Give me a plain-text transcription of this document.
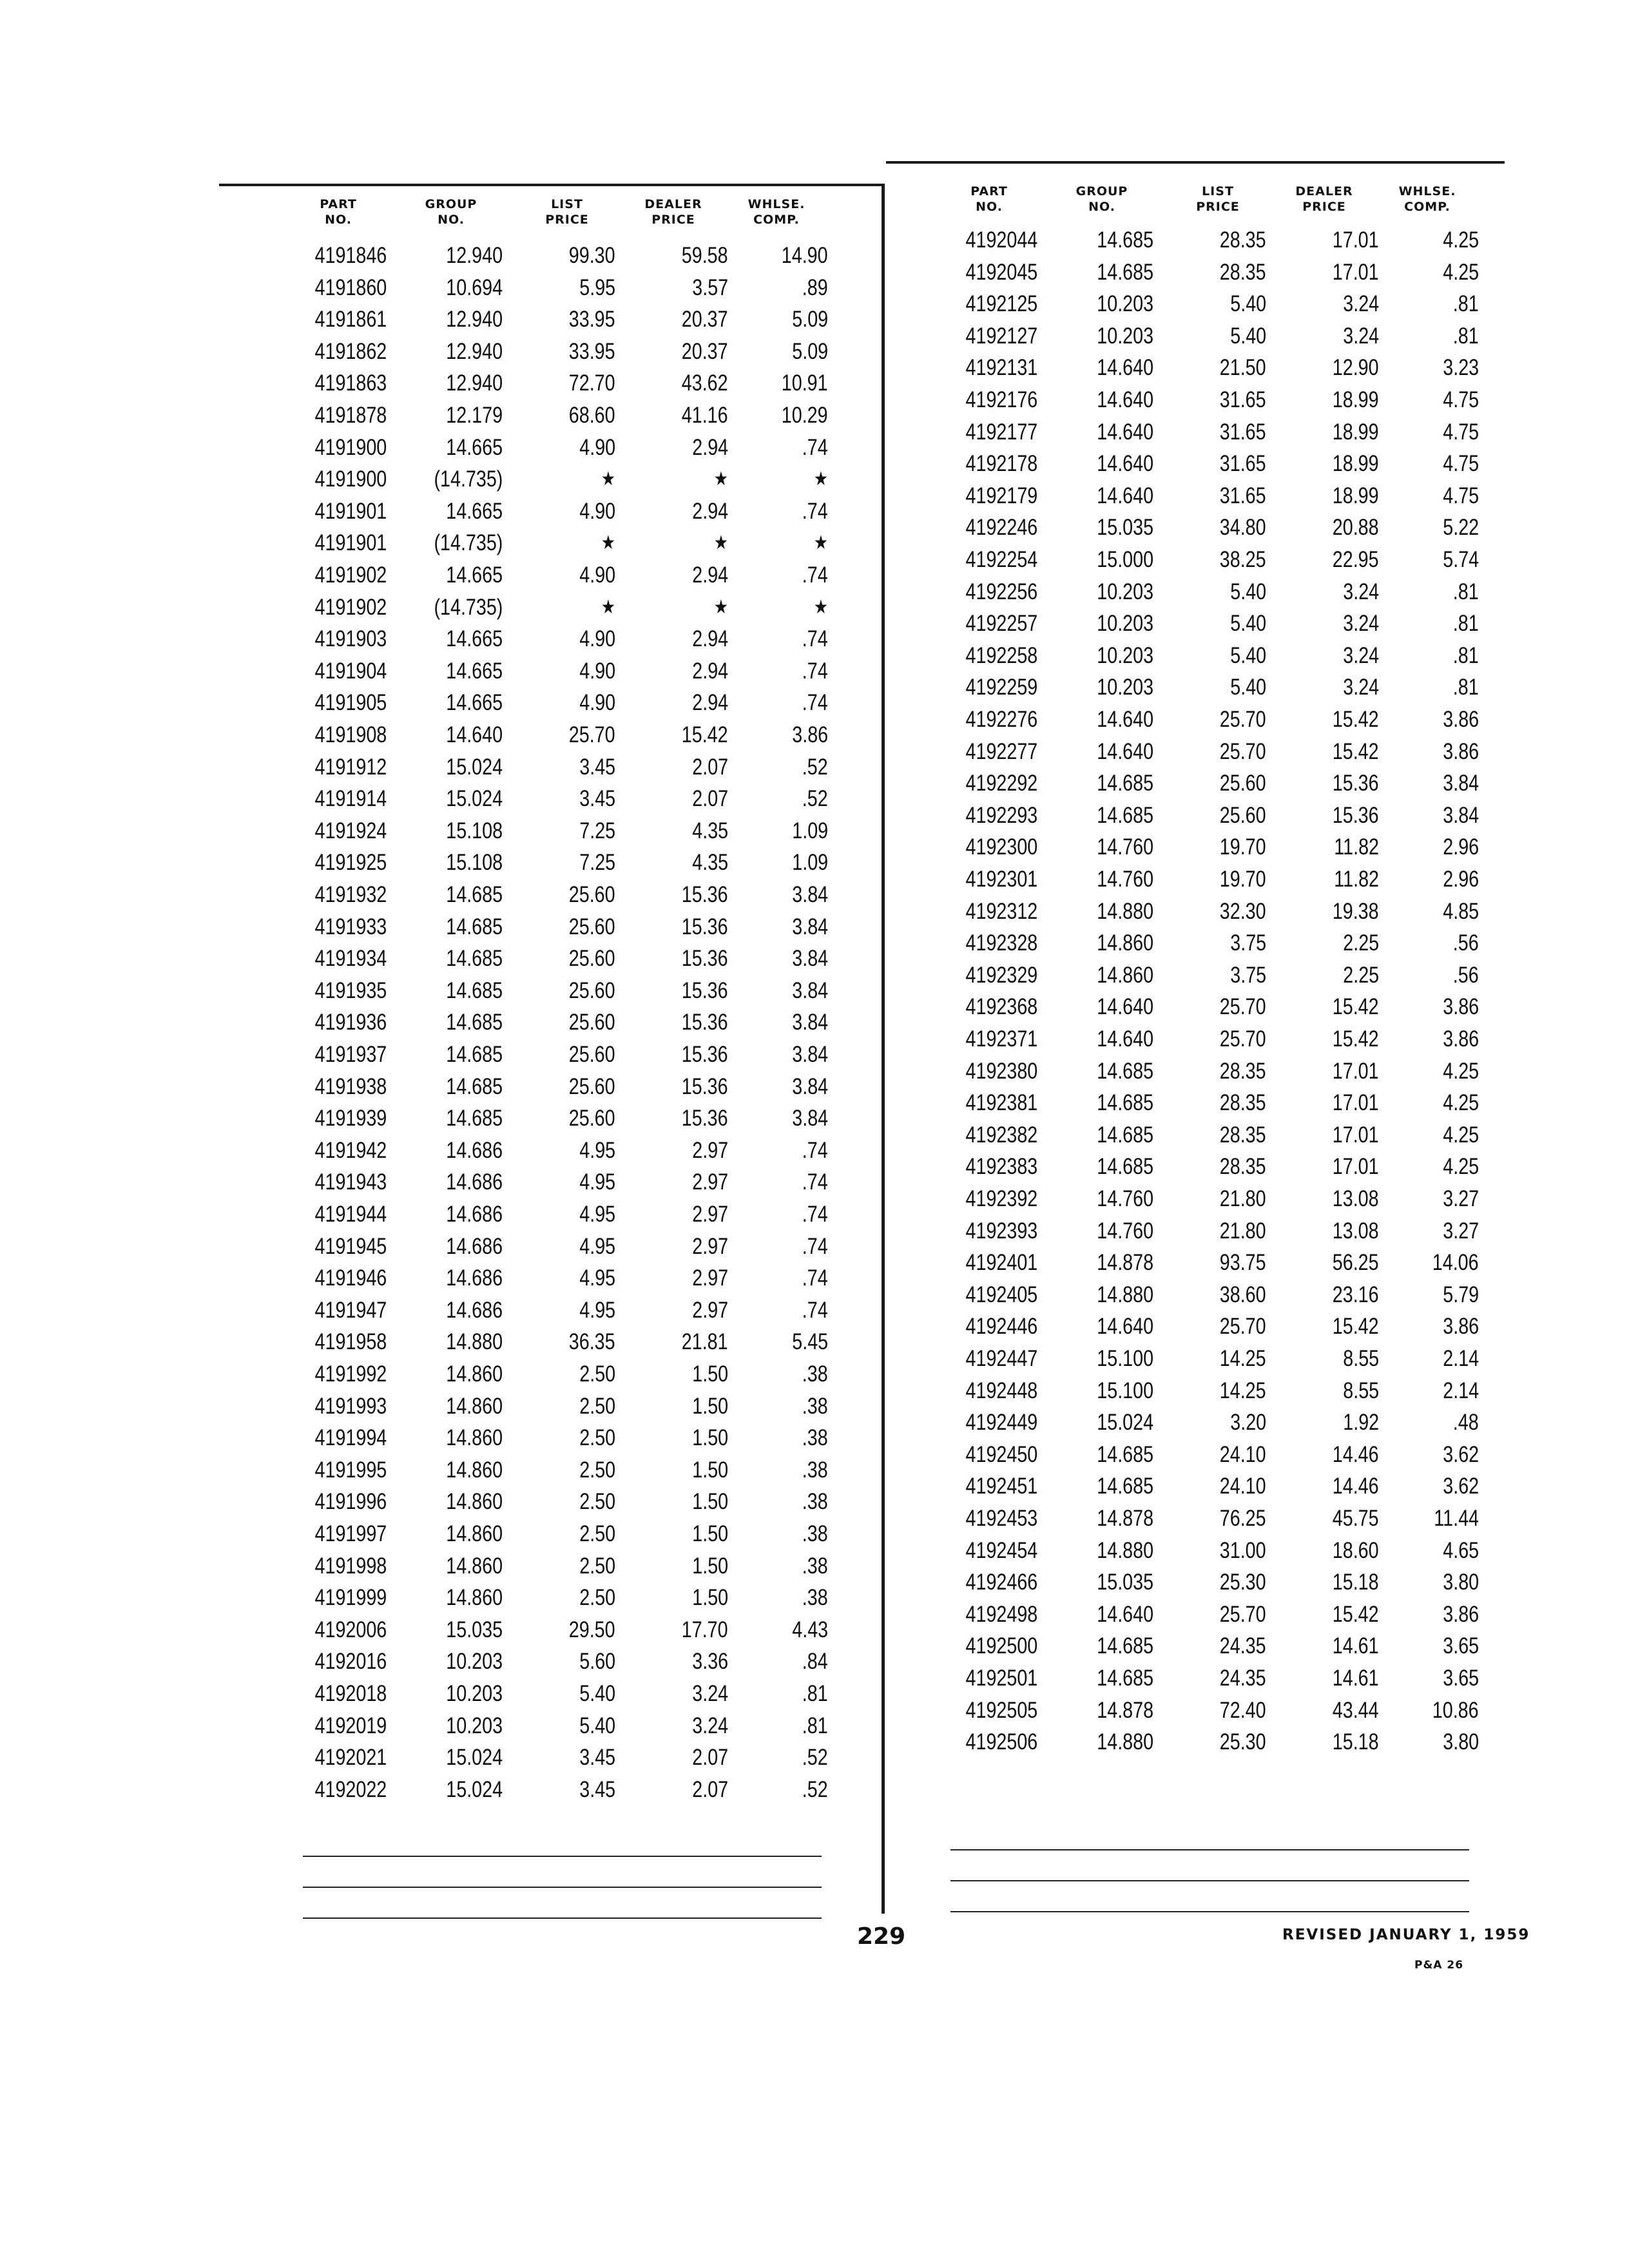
PART
NO.
GROUP
NO.
LIST
PRICE
DEALER
PRICE
WHLSE.
COMP.
4191846	12.940	99.30	59.58 14.90
4191860	10.694	5.95	3.57	.89
4191861	12.940	33.95	20.37	5.09
4191862	12.940	33.95	20.37	5.09
4191863	12.940	72.70	43.62 10.91
4191878	12.179	68.60	41.16 10.29
4191900	14.665	4.90	2.94	.74
4191900 (14.735)	★	★	★
4191901	14.665	4.90	2.94	.74
4191901 (14.735)	★	★	★
4191902	14.665	4.90	2.94	.74
4191902 (14.735)	★	★	★
4191903	14.665	4.90	2.94	.74
4191904	14.665	4.90	2.94	.74
4191905	14.665	4.90	2.94	.74
4191908	14.640	25.70	15.42	3.86
4191912	15.024	3.45	2.07	.52
4191914	15.024	3.45	2.07	.52
4191924	15.108	7.25	4.35	1.09
4191925	15.108	7.25	4.35	1.09
4191932	14.685	25.60	15.36	3.84
4191933	14.685	25.60	15.36	3.84
4191934	14.685	25.60	15.36	3.84
4191935	14.685	25.60	15.36	3.84
4191936	14.685	25.60	15.36	3.84
4191937	14.685	25.60	15.36	3.84
4191938	14.685	25.60	15.36	3.84
4191939	14.685	25.60	15.36	3.84
4191942	14.686	4.95	2.97	.74
4191943	14.686	4.95	2.97	.74
4191944	14.686	4.95	2.97	.74
4191945	14.686	4.95	2.97	.74
4191946	14.686	4.95	2.97	.74
4191947	14.686	4.95	2.97	.74
4191958	14.880	36.35	21.81	5.45
4191992	14.860	2.50	1.50	.38
4191993	14.860	2.50	1.50	.38
4191994	14.860	2.50	1.50	.38
4191995	14.860	2.50	1.50	.38
4191996	14.860	2.50	1.50	.38
4191997	14.860	2.50	1.50	.38
4191998	14.860	2.50	1.50	.38
4191999	14.860	2.50	1.50	.38
4192006	15.035	29.50	17.70	4.43
4192016	10.203	5.60	3.36	.84
4192018	10.203	5.40	3.24	.81
4192019	10.203	5.40	3.24	.81
4192021	15.024	3.45	2.07	.52
4192022	15.024	3.45	2.07	.52
PART
NO.
GROUP
NO.
LIST
PRICE
DEALER
PRICE
WHLSE.
COMP.
4192044	14.685	28.35	17.01	4.25
4192045	14.685	28.35	17.01	4.25
4192125	10.203	5.40	3.24	.81
4192127	10.203	5.40	3.24	.81
4192131	14.640	21.50	12.90	3.23
4192176	14.640	31.65	18.99	4.75
4192177	14.640	31.65	18.99	4.75
4192178	14.640	31.65	18.99	4.75
4192179	14.640	31.65	18.99	4.75
4192246	15.035	34.80	20.88	5.22
4192254	15.000	38.25	22.95	5.74
4192256	10.203	5.40	3.24	.81
4192257	10.203	5.40	3.24	.81
4192258	10.203	5.40	3.24	.81
4192259	10.203	5.40	3.24	.81
4192276	14.640	25.70	15.42	3.86
4192277	14.640	25.70	15.42	3.86
4192292	14.685	25.60	15.36	3.84
4192293	14.685	25.60	15.36	3.84
4192300	14.760	19.70	11.82	2.96
4192301	14.760	19.70	11.82	2.96
4192312	14.880	32.30	19.38	4.85
4192328	14.860	3.75	2.25	.56
4192329	14.860	3.75	2.25	.56
4192368	14.640	25.70	15.42	3.86
4192371	14.640	25.70	15.42	3.86
4192380	14.685	28.35	17.01	4.25
4192381	14.685	28.35	17.01	4.25
4192382	14.685	28.35	17.01	4.25
4192383	14.685	28.35	17.01	4.25
4192392	14.760	21.80	13.08	3.27
4192393	14.760	21.80	13.08	3.27
4192401	14.878	93.75	56.25 14.06
4192405	14.880	38.60	23.16	5.79
4192446	14.640	25.70	15.42	3.86
4192447	15.100	14.25	8.55	2.14
4192448	15.100	14.25	8.55	2.14
4192449	15.024	3.20	1.92	.48
4192450	14.685	24.10	14.46	3.62
4192451	14.685	24.10	14.46	3.62
4192453	14.878	76.25	45.75 11.44
4192454	14.880	31.00	18.60	4.65
4192466	15.035	25.30	15.18	3.80
4192498	14.640	25.70	15.42	3.86
4192500	14.685	24.35	14.61	3.65
4192501	14.685	24.35	14.61	3.65
4192505	14.878	72.40	43.44 10.86
4192506	14.880	25.30	15.18	3.80
229	REVISED JANUARY 1, 1959
P&A 26
